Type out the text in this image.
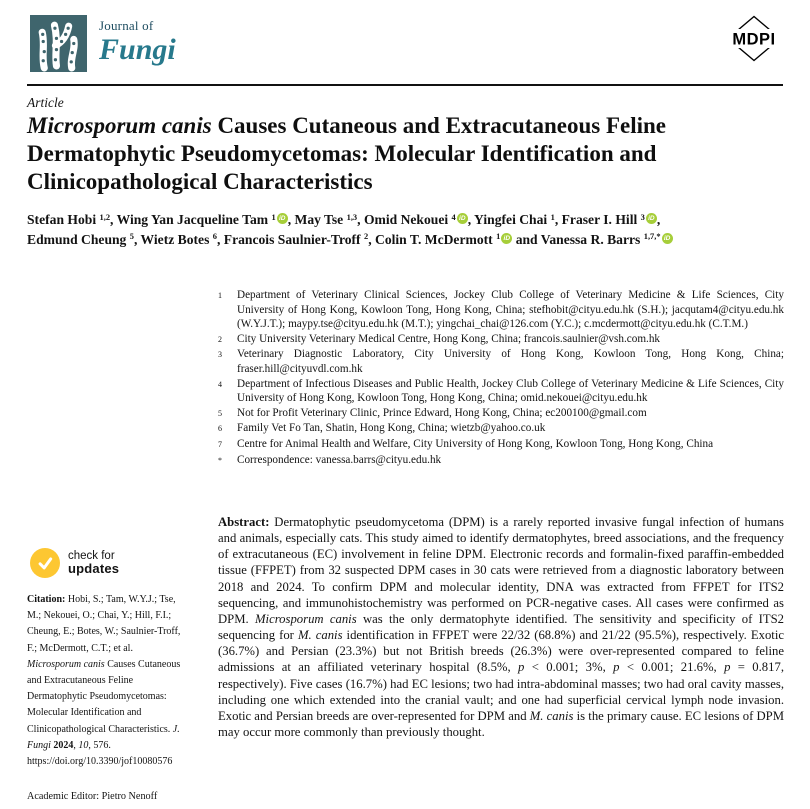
Journal of
Fungi	MDPI
Article
Microsporum canis Causes Cutaneous and Extracutaneous Feline
Dermatophytic Pseudomycetomas: Molecular Identification and
Clinicopathological Characteristics
Stefan Hobi $^{1,2}$, Wing Yan Jacqueline Tam $^1$ iD , May Tse $^{1,3}$, Omid Nekouei $^4$ iD , Yingfei Chai $^1$, Fraser I. Hill $^3$ iD ,
Edmund Cheung $^5$, Wietz Botes $^6$, Francois Saulnier-Troff $^2$, Colin T. McDermott $^1$ iD and Vanessa R. Barrs $^{1,7,*}$ iD
1	Department of Veterinary Clinical Sciences, Jockey Club College of Veterinary Medicine & Life Sciences, City University of Hong Kong, Kowloon Tong, Hong Kong, China; stefhobit@cityu.edu.hk (S.H.); jacqutam4@cityu.edu.hk (W.Y.J.T.); maypy.tse@cityu.edu.hk (M.T.); yingchai_chai@126.com (Y.C.); c.mcdermott@cityu.edu.hk (C.T.M.)
2	City University Veterinary Medical Centre, Hong Kong, China; francois.saulnier@vsh.com.hk
3	Veterinary Diagnostic Laboratory, City University of Hong Kong, Kowloon Tong, Hong Kong, China; fraser.hill@cityuvdl.com.hk
4	Department of Infectious Diseases and Public Health, Jockey Club College of Veterinary Medicine & Life Sciences, City University of Hong Kong, Kowloon Tong, Hong Kong, China; omid.nekouei@cityu.edu.hk
5	Not for Profit Veterinary Clinic, Prince Edward, Hong Kong, China; ec200100@gmail.com
6	Family Vet Fo Tan, Shatin, Hong Kong, China; wietzb@yahoo.co.uk
7	Centre for Animal Health and Welfare, City University of Hong Kong, Kowloon Tong, Hong Kong, China
*	Correspondence: vanessa.barrs@cityu.edu.hk
Abstract: Dermatophytic pseudomycetoma (DPM) is a rarely reported invasive fungal infection of humans and animals, especially cats. This study aimed to identify dermatophytes, breed associations, and the frequency of extracutaneous (EC) involvement in feline DPM. Electronic records and formalin-fixed paraffin-embedded tissue (FFPET) from 32 suspected DPM cases in 30 cats were retrieved from a diagnostic laboratory between 2018 and 2024. To confirm DPM and molecular identity, DNA was extracted from FFPET for ITS2 sequencing, and immunohistochemistry was performed on PCR-negative cases. All cases were confirmed as DPM. Microsporum canis was the only dermatophyte identified. The sensitivity and specificity of ITS2 sequencing for M. canis identification in FFPET were 22/32 (68.8%) and 21/22 (95.5%), respectively. Exotic (36.7%) and Persian (23.3%) but not British breeds (26.3%) were over-represented compared to feline admissions at an affiliated veterinary hospital (8.5%, p < 0.001; 3%, p < 0.001; 21.6%, p = 0.817, respectively). Five cases (16.7%) had EC lesions; two had intra-abdominal masses; two had oral cavity masses, including one which extended into the cranial vault; and one had superficial cervical lymph node invasion. Exotic and Persian breeds are over-represented for DPM and M. canis is the primary cause. EC lesions of DPM may occur more commonly than previously thought.
check for
updates
Citation: Hobi, S.; Tam, W.Y.J.; Tse, M.; Nekouei, O.; Chai, Y.; Hill, F.I.; Cheung, E.; Botes, W.; Saulnier-Troff, F.; McDermott, C.T.; et al. Microsporum canis Causes Cutaneous and Extracutaneous Feline Dermatophytic Pseudomycetomas: Molecular Identification and Clinicopathological Characteristics. J. Fungi 2024, 10, 576. https://doi.org/10.3390/jof10080576
Academic Editor: Pietro Nenoff
